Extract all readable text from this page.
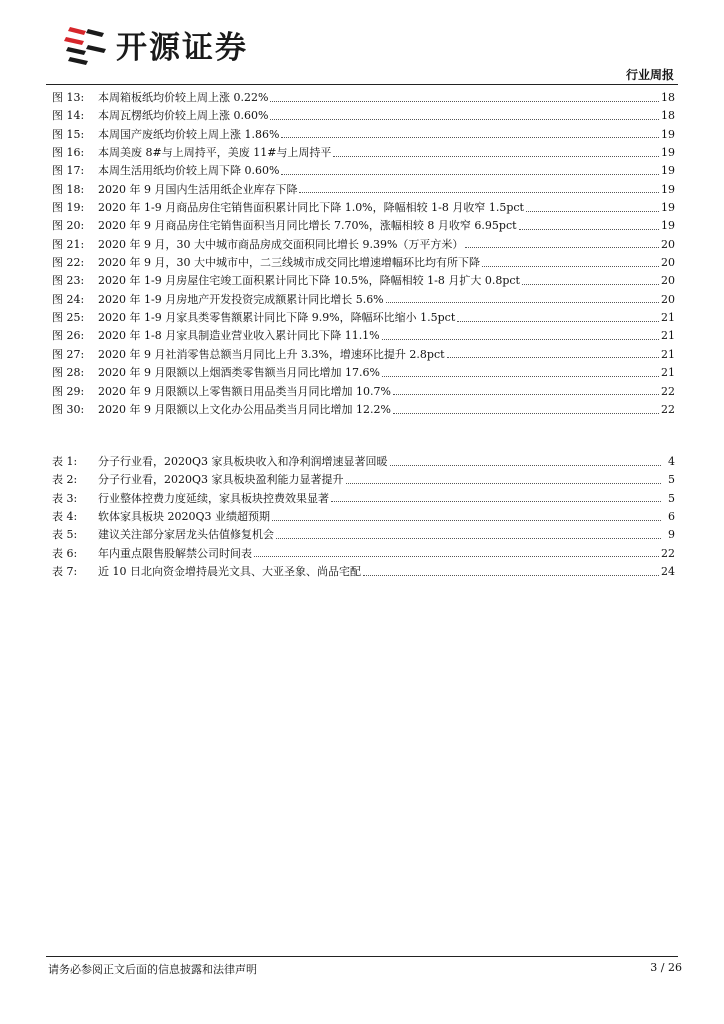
开源证券
行业周报
图 13:	本周箱板纸均价较上周上涨 0.22%	18
图 14:	本周瓦楞纸均价较上周上涨 0.60%	18
图 15:	本周国产废纸均价较上周上涨 1.86%	19
图 16:	本周美废 8#与上周持平，美废 11#与上周持平	19
图 17:	本周生活用纸均价较上周下降 0.60%	19
图 18:	2020 年 9 月国内生活用纸企业库存下降	19
图 19:	2020 年 1-9 月商品房住宅销售面积累计同比下降 1.0%，降幅相较 1-8 月收窄 1.5pct	19
图 20:	2020 年 9 月商品房住宅销售面积当月同比增长 7.70%，涨幅相较 8 月收窄 6.95pct	19
图 21:	2020 年 9 月，30 大中城市商品房成交面积同比增长 9.39%（万平方米）	20
图 22:	2020 年 9 月，30 大中城市中，二三线城市成交同比增速增幅环比均有所下降	20
图 23:	2020 年 1-9 月房屋住宅竣工面积累计同比下降 10.5%，降幅相较 1-8 月扩大 0.8pct	20
图 24:	2020 年 1-9 月房地产开发投资完成额累计同比增长 5.6%	20
图 25:	2020 年 1-9 月家具类零售额累计同比下降 9.9%，降幅环比缩小 1.5pct	21
图 26:	2020 年 1-8 月家具制造业营业收入累计同比下降 11.1%	21
图 27:	2020 年 9 月社消零售总额当月同比上升 3.3%，增速环比提升 2.8pct	21
图 28:	2020 年 9 月限额以上烟酒类零售额当月同比增加 17.6%	21
图 29:	2020 年 9 月限额以上零售额日用品类当月同比增加 10.7%	22
图 30:	2020 年 9 月限额以上文化办公用品类当月同比增加 12.2%	22
表 1:	分子行业看，2020Q3 家具板块收入和净利润增速显著回暖	4
表 2:	分子行业看，2020Q3 家具板块盈利能力显著提升	5
表 3:	行业整体控费力度延续，家具板块控费效果显著	5
表 4:	软体家具板块 2020Q3 业绩超预期	6
表 5:	建议关注部分家居龙头估值修复机会	9
表 6:	年内重点限售股解禁公司时间表	22
表 7:	近 10 日北向资金增持晨光文具、大亚圣象、尚品宅配	24
请务必参阅正文后面的信息披露和法律声明	3 / 26
